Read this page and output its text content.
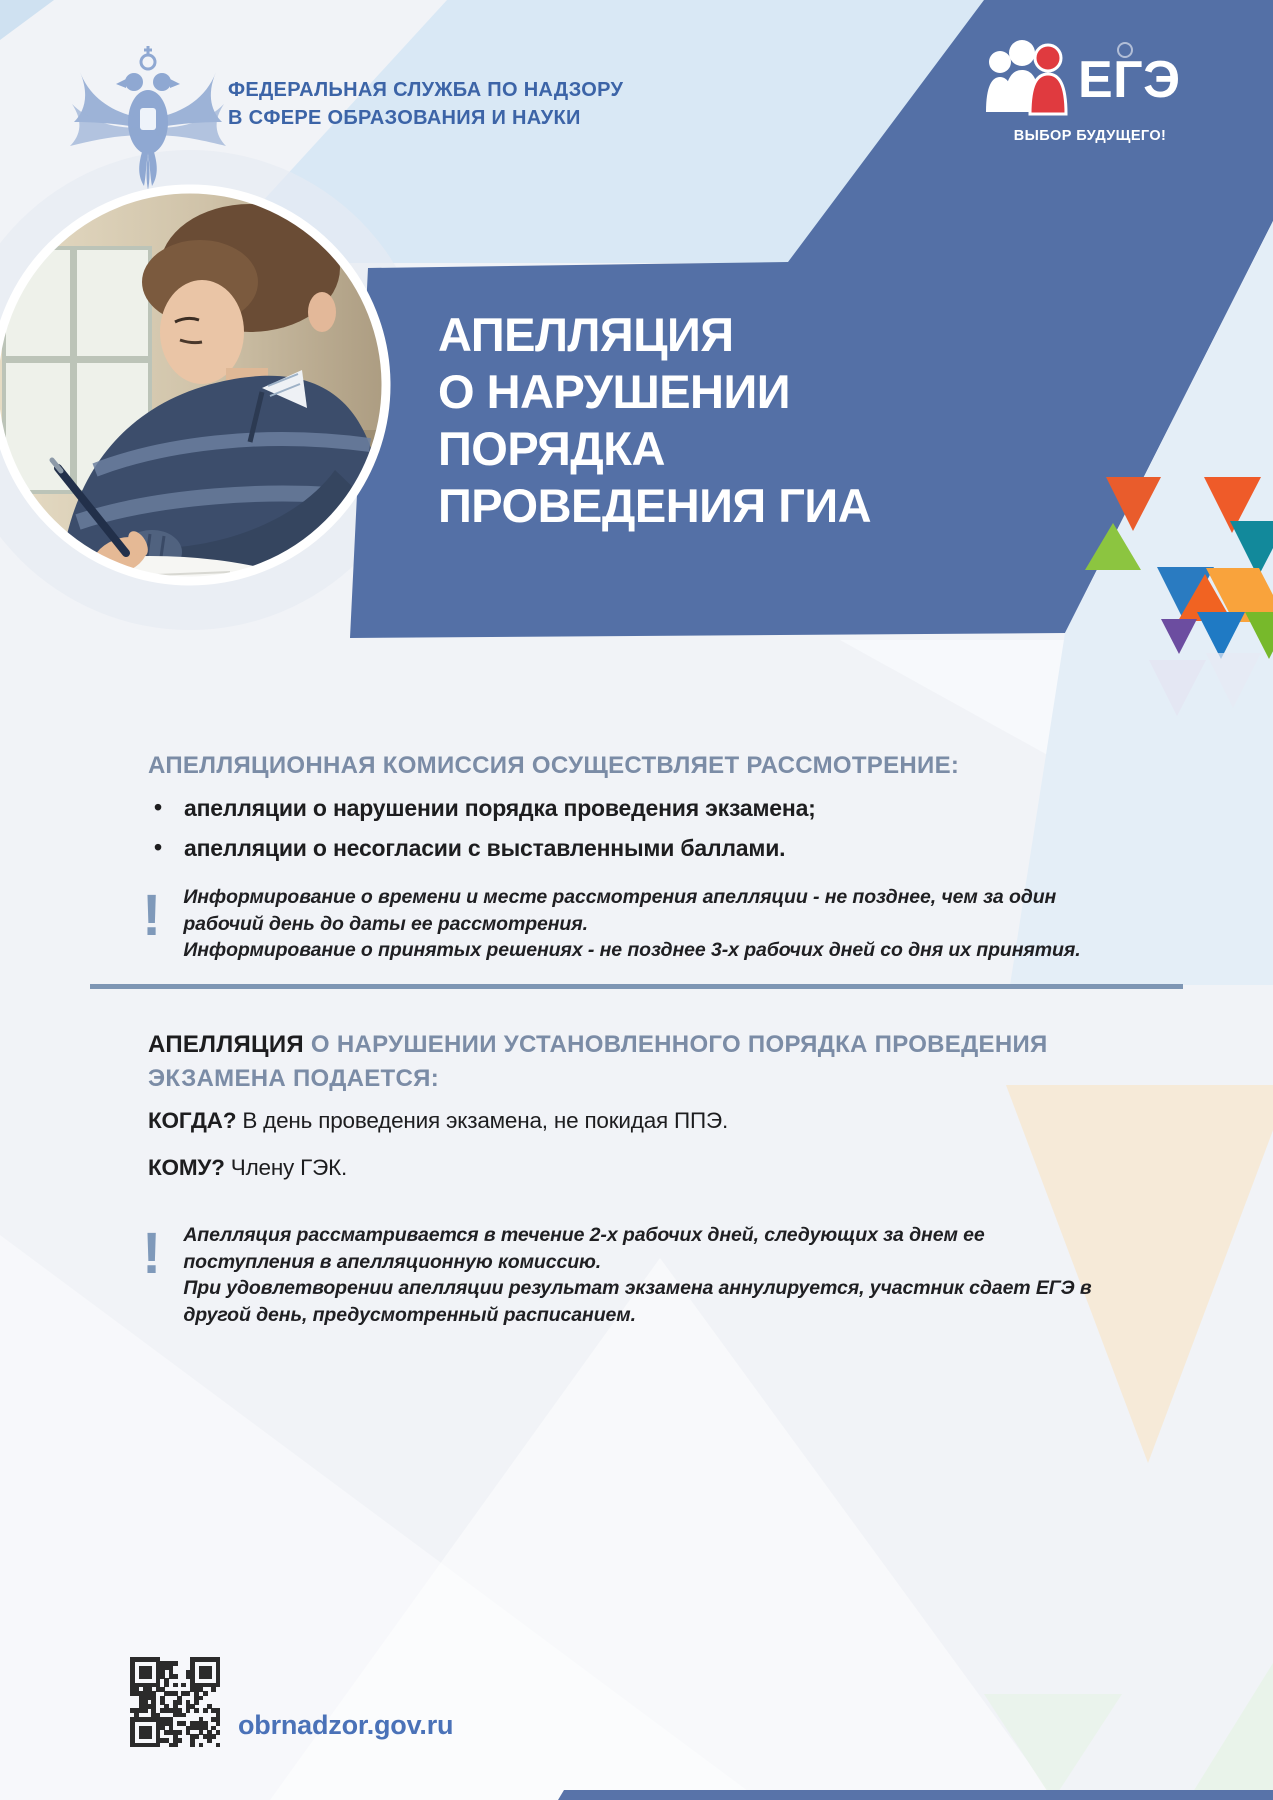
ФЕДЕРАЛЬНАЯ СЛУЖБА ПО НАДЗОРУ
В СФЕРЕ ОБРАЗОВАНИЯ И НАУКИ
ЕГЭ
ВЫБОР БУДУЩЕГО!
АПЕЛЛЯЦИЯ
О НАРУШЕНИИ
ПОРЯДКА
ПРОВЕДЕНИЯ ГИА
АПЕЛЛЯЦИОННАЯ КОМИССИЯ ОСУЩЕСТВЛЯЕТ РАССМОТРЕНИЕ:
• апелляции о нарушении порядка проведения экзамена;
• апелляции о несогласии с выставленными баллами.
! Информирование о времени и месте рассмотрения апелляции - не позднее, чем за один рабочий день до даты ее рассмотрения.

Информирование о принятых решениях - не позднее 3-х рабочих дней со дня их принятия.

АПЕЛЛЯЦИЯ О НАРУШЕНИИ УСТАНОВЛЕННОГО ПОРЯДКА ПРОВЕДЕНИЯ ЭКЗАМЕНА ПОДАЕТСЯ:
КОГДА? В день проведения экзамена, не покидая ППЭ.
КОМУ? Члену ГЭК.
! Апелляция рассматривается в течение 2-х рабочих дней, следующих за днем ее поступления в апелляционную комиссию.

При удовлетворении апелляции результат экзамена аннулируется, участник сдает ЕГЭ в другой день, предусмотренный расписанием.

obrnadzor.gov.ru
